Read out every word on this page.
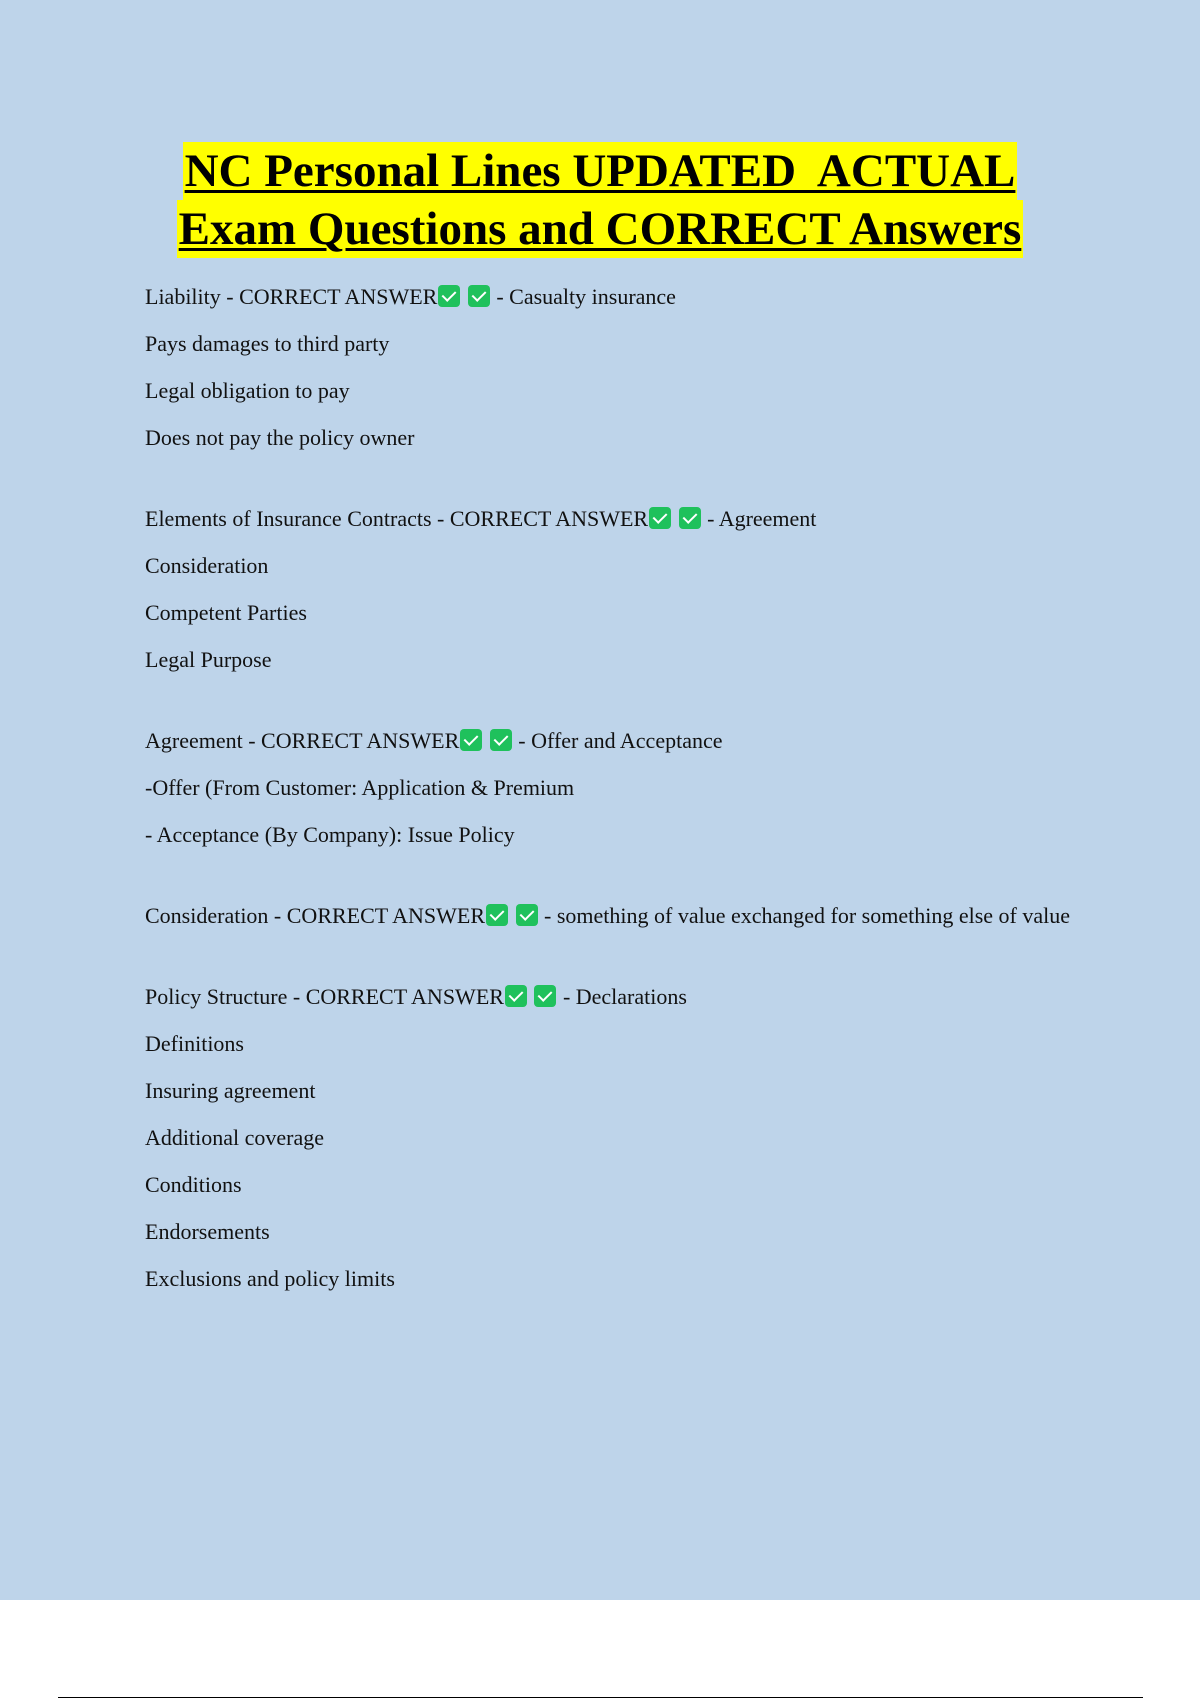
NC Personal Lines UPDATED  ACTUAL
Exam Questions and CORRECT Answers
Liability - CORRECT ANSWER	- Casualty insurance
Pays damages to third party
Legal obligation to pay
Does not pay the policy owner
Elements of Insurance Contracts - CORRECT ANSWER	- Agreement
Consideration
Competent Parties
Legal Purpose
Agreement - CORRECT ANSWER	- Offer and Acceptance
-Offer (From Customer: Application & Premium
- Acceptance (By Company): Issue Policy
Consideration - CORRECT ANSWER	- something of value exchanged for something else of value
Policy Structure - CORRECT ANSWER	- Declarations
Definitions
Insuring agreement
Additional coverage
Conditions
Endorsements
Exclusions and policy limits
